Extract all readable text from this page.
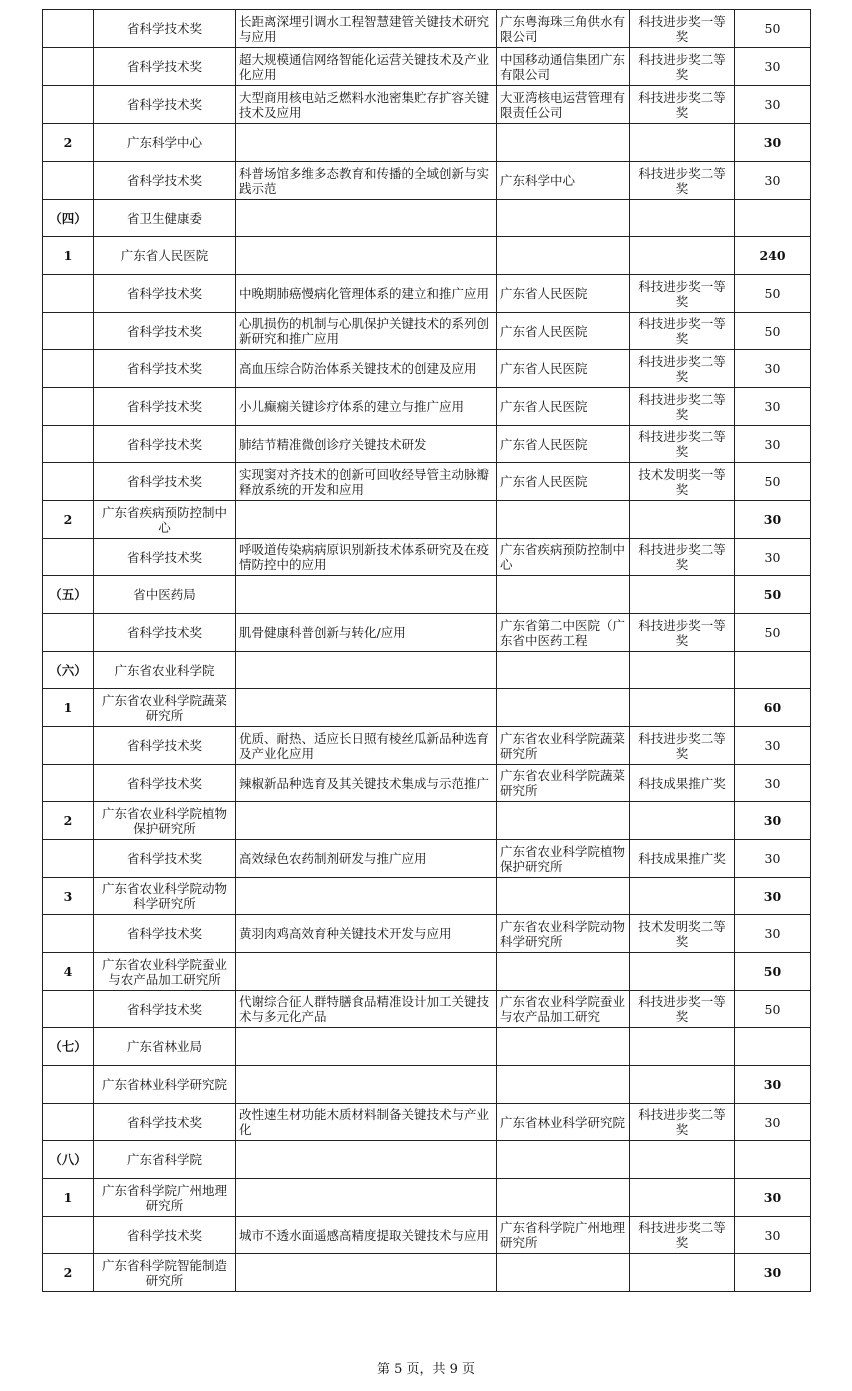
	省科学技术奖	长距离深埋引调水工程智慧建管关键技术研究与应用	广东粤海珠三角供水有限公司	科技进步奖一等奖	50

	省科学技术奖	超大规模通信网络智能化运营关键技术及产业化应用	中国移动通信集团广东有限公司	科技进步奖二等奖	30

	省科学技术奖	大型商用核电站乏燃料水池密集贮存扩容关键技术及应用	大亚湾核电运营管理有限责任公司	科技进步奖二等奖	30

2	广东科学中心				30

	省科学技术奖	科普场馆多维多态教育和传播的全域创新与实践示范	广东科学中心	科技进步奖二等奖	30

（四）	省卫生健康委				

1	广东省人民医院				240

	省科学技术奖	中晚期肺癌慢病化管理体系的建立和推广应用	广东省人民医院	科技进步奖一等奖	50

	省科学技术奖	心肌损伤的机制与心肌保护关键技术的系列创新研究和推广应用	广东省人民医院	科技进步奖一等奖	50

	省科学技术奖	高血压综合防治体系关键技术的创建及应用	广东省人民医院	科技进步奖二等奖	30

	省科学技术奖	小儿癫痫关键诊疗体系的建立与推广应用	广东省人民医院	科技进步奖二等奖	30

	省科学技术奖	肺结节精准微创诊疗关键技术研发	广东省人民医院	科技进步奖二等奖	30

	省科学技术奖	实现窦对齐技术的创新可回收经导管主动脉瓣释放系统的开发和应用	广东省人民医院	技术发明奖一等奖	50

2	广东省疾病预防控制中心				30

	省科学技术奖	呼吸道传染病病原识别新技术体系研究及在疫情防控中的应用	广东省疾病预防控制中心	科技进步奖二等奖	30

（五）	省中医药局				50

	省科学技术奖	肌骨健康科普创新与转化/应用	广东省第二中医院（广东省中医药工程	科技进步奖一等奖	50

（六）	广东省农业科学院				

1	广东省农业科学院蔬菜研究所				60

	省科学技术奖	优质、耐热、适应长日照有棱丝瓜新品种选育及产业化应用	广东省农业科学院蔬菜研究所	科技进步奖二等奖	30

	省科学技术奖	辣椒新品种选育及其关键技术集成与示范推广	广东省农业科学院蔬菜研究所	科技成果推广奖	30

2	广东省农业科学院植物保护研究所				30

	省科学技术奖	高效绿色农药制剂研发与推广应用	广东省农业科学院植物保护研究所	科技成果推广奖	30

3	广东省农业科学院动物科学研究所				30

	省科学技术奖	黄羽肉鸡高效育种关键技术开发与应用	广东省农业科学院动物科学研究所	技术发明奖二等奖	30

4	广东省农业科学院蚕业与农产品加工研究所				50

	省科学技术奖	代谢综合征人群特膳食品精准设计加工关键技术与多元化产品	广东省农业科学院蚕业与农产品加工研究	科技进步奖一等奖	50

（七）	广东省林业局				

	广东省林业科学研究院				30

	省科学技术奖	改性速生材功能木质材料制备关键技术与产业化	广东省林业科学研究院	科技进步奖二等奖	30

（八）	广东省科学院				

1	广东省科学院广州地理研究所				30

	省科学技术奖	城市不透水面遥感高精度提取关键技术与应用	广东省科学院广州地理研究所	科技进步奖二等奖	30

2	广东省科学院智能制造研究所				30
第 5 页，共 9 页
